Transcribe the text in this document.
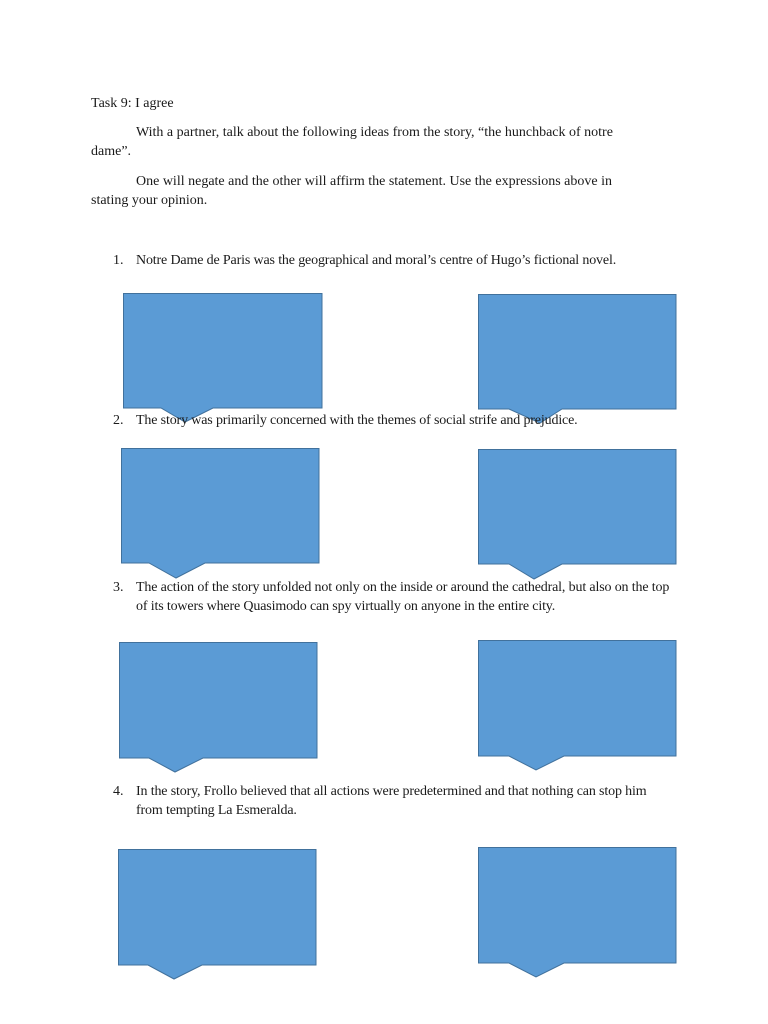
Task 9: I agree

With a partner, talk about the following ideas from the story, “the hunchback of notre

dame”.

One will negate and the other will affirm the statement. Use the expressions above in

stating your opinion.

1. Notre Dame de Paris was the geographical and moral’s centre of Hugo’s fictional novel.

2. The story was primarily concerned with the themes of social strife and prejudice.

3. The action of the story unfolded not only on the inside or around the cathedral, but also on the top

of its towers where Quasimodo can spy virtually on anyone in the entire city.

4. In the story, Frollo believed that all actions were predetermined and that nothing can stop him

from tempting La Esmeralda.
